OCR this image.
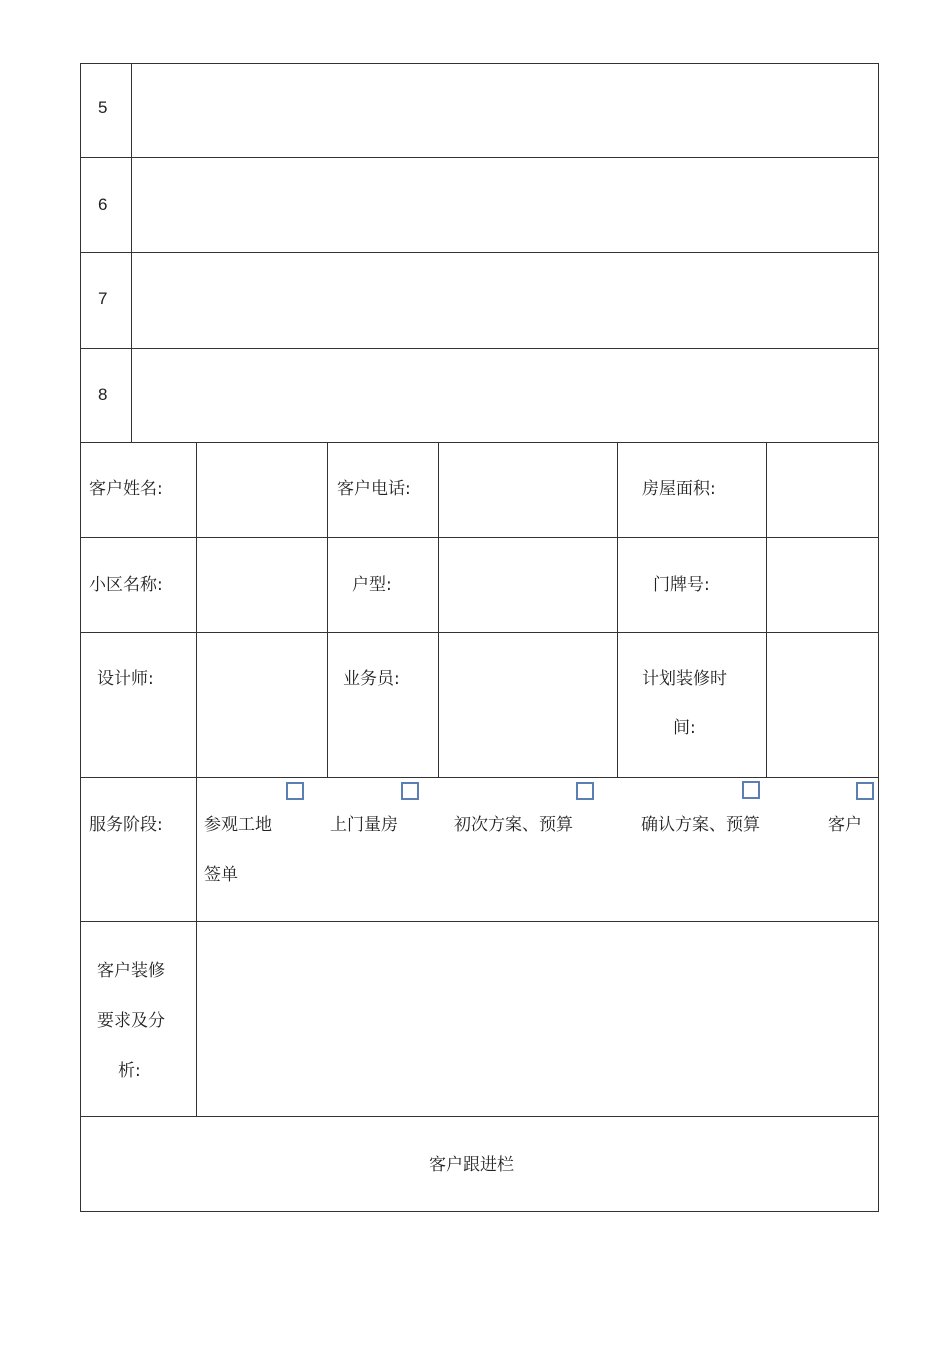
5
6
7
8
客户姓名:	客户电话:	房屋面积:
小区名称:	户型:	门牌号:
设计师:	业务员:	计划装修时
间:
服务阶段: 参观工地	上门量房	初次方案、预算	确认方案、预算	客户
签单
客户装修
要求及分
析:
客户跟进栏
